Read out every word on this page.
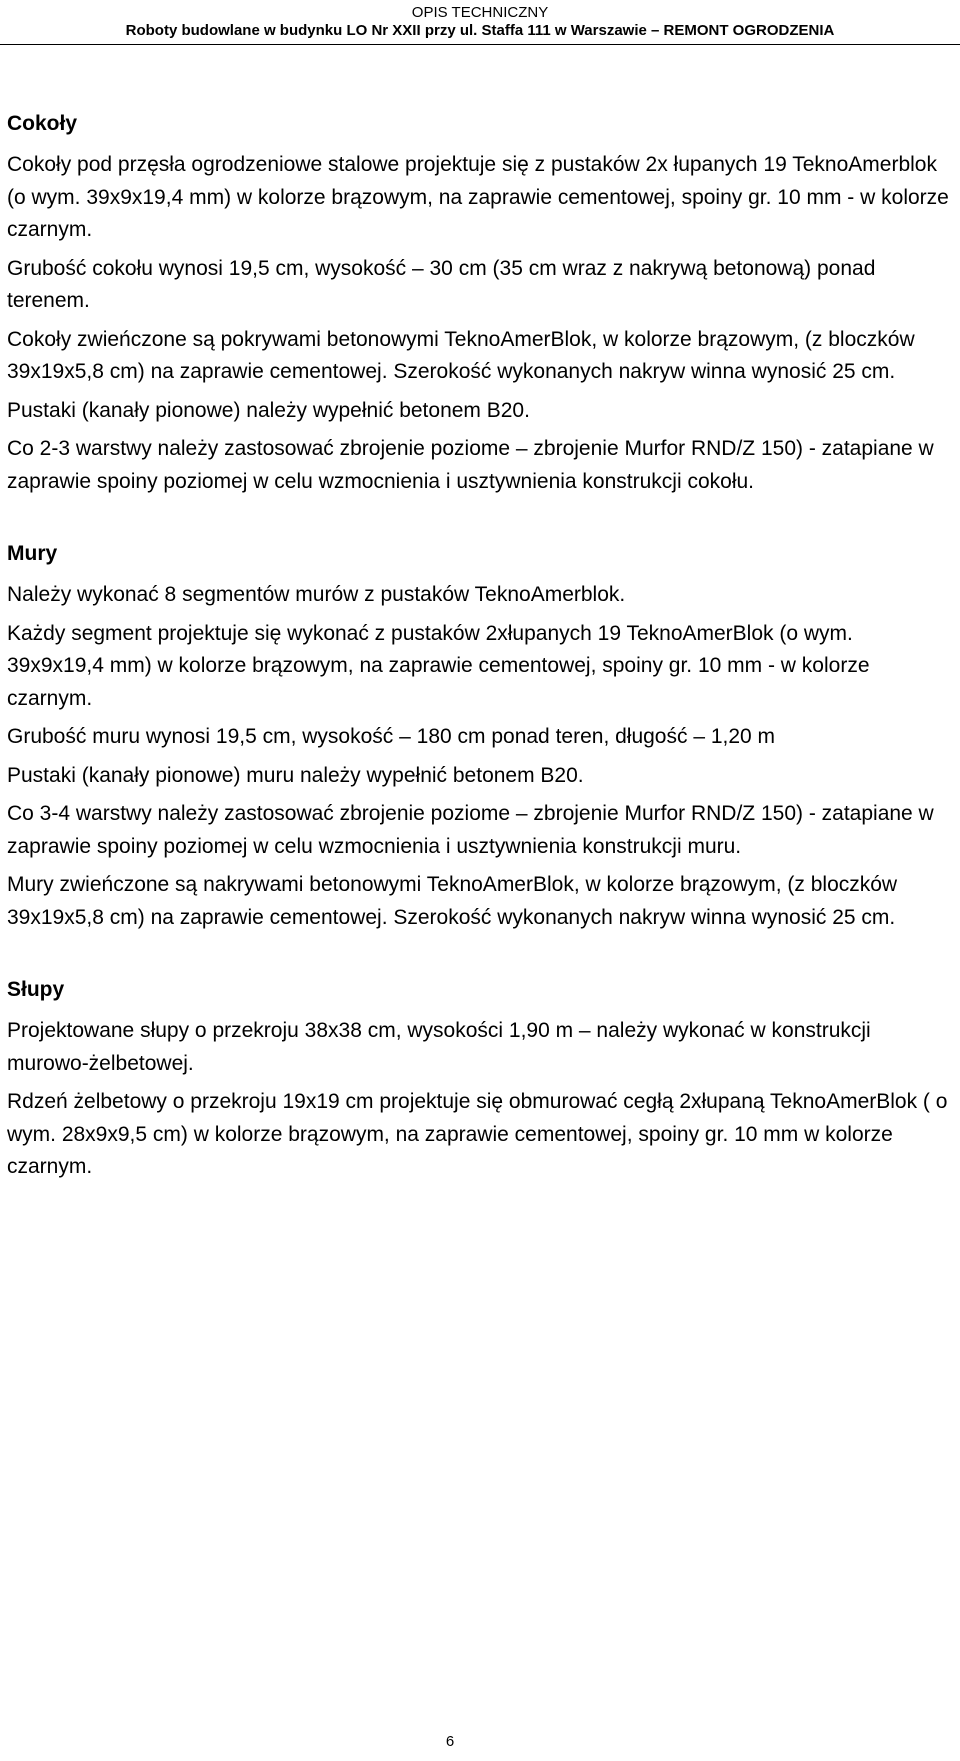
OPIS TECHNICZNY
Roboty budowlane w budynku LO Nr XXII przy ul. Staffa 111 w Warszawie – REMONT OGRODZENIA
Cokoły

Cokoły pod przęsła ogrodzeniowe stalowe projektuje się z pustaków 2x łupanych 19 TeknoAmerblok (o wym. 39x9x19,4 mm) w kolorze brązowym, na zaprawie cementowej, spoiny gr. 10 mm - w kolorze czarnym.

Grubość cokołu wynosi 19,5 cm, wysokość – 30 cm (35 cm wraz z nakrywą betonową) ponad terenem.

Cokoły zwieńczone są pokrywami betonowymi TeknoAmerBlok, w kolorze brązowym, (z bloczków 39x19x5,8 cm) na zaprawie cementowej. Szerokość wykonanych nakryw winna wynosić 25 cm.

Pustaki (kanały pionowe) należy wypełnić betonem B20.

Co 2-3 warstwy należy zastosować zbrojenie poziome – zbrojenie Murfor RND/Z 150) - zatapiane w zaprawie spoiny poziomej w celu wzmocnienia i usztywnienia konstrukcji cokołu.

Mury

Należy wykonać 8 segmentów murów z pustaków TeknoAmerblok.

Każdy segment projektuje się wykonać z pustaków 2xłupanych 19 TeknoAmerBlok (o wym. 39x9x19,4 mm) w kolorze brązowym, na zaprawie cementowej, spoiny gr. 10 mm - w kolorze czarnym.

Grubość muru wynosi 19,5 cm, wysokość – 180 cm ponad teren, długość – 1,20 m

Pustaki (kanały pionowe) muru należy wypełnić betonem B20.

Co 3-4 warstwy należy zastosować zbrojenie poziome – zbrojenie Murfor RND/Z 150) - zatapiane w zaprawie spoiny poziomej w celu wzmocnienia i usztywnienia konstrukcji muru.

Mury zwieńczone są nakrywami betonowymi TeknoAmerBlok, w kolorze brązowym, (z bloczków 39x19x5,8 cm) na zaprawie cementowej. Szerokość wykonanych nakryw winna wynosić 25 cm.

Słupy

Projektowane słupy o przekroju 38x38 cm, wysokości 1,90 m – należy wykonać w konstrukcji murowo-żelbetowej.

Rdzeń żelbetowy o przekroju 19x19 cm projektuje się obmurować cegłą 2xłupaną TeknoAmerBlok ( o wym. 28x9x9,5 cm) w kolorze brązowym, na zaprawie cementowej, spoiny gr. 10 mm w kolorze czarnym.

6
